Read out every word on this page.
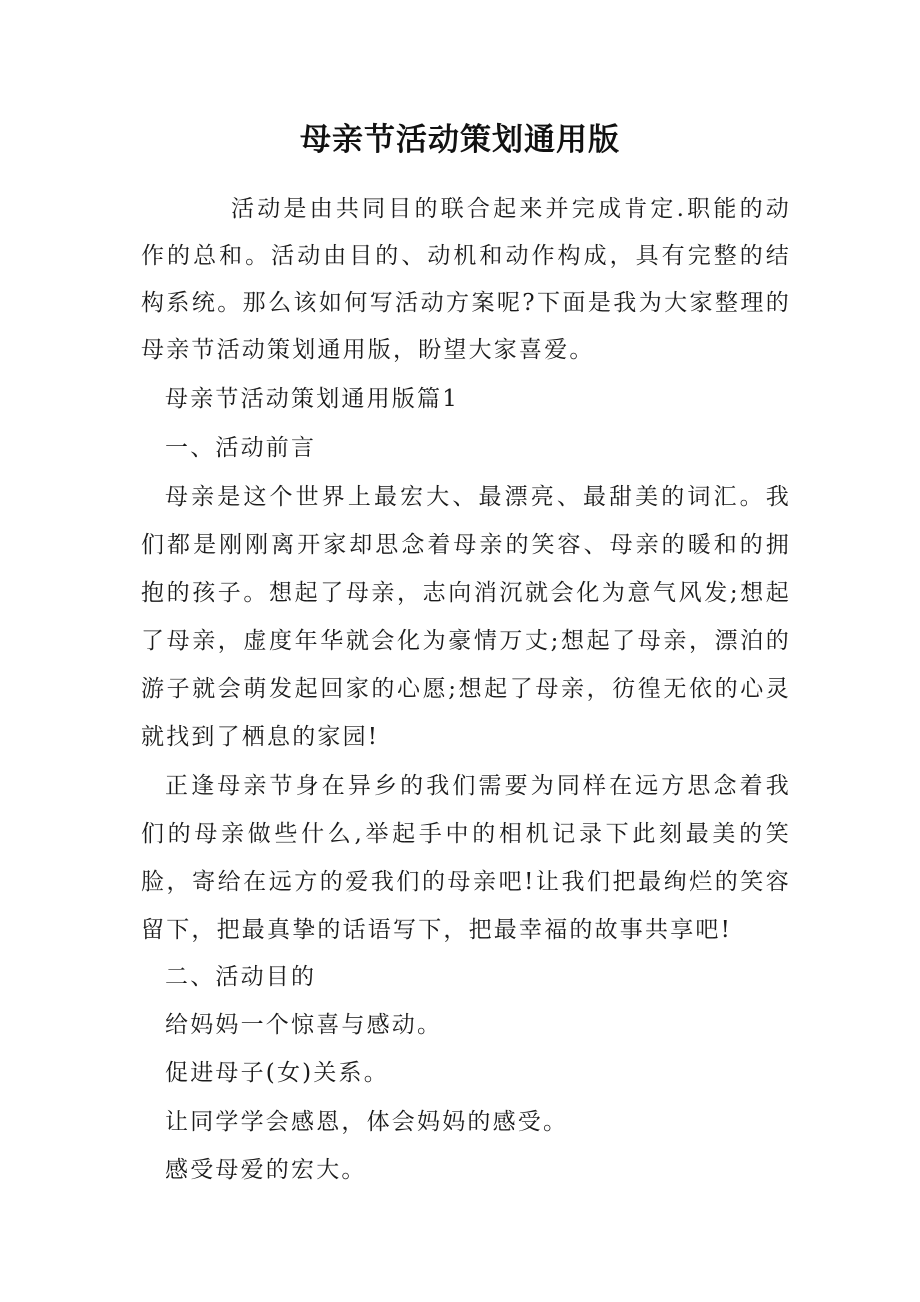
母亲节活动策划通用版

活动是由共同目的联合起来并完成肯定.职能的动作的总和。活动由目的、动机和动作构成，具有完整的结构系统。那么该如何写活动方案呢?下面是我为大家整理的母亲节活动策划通用版，盼望大家喜爱。

母亲节活动策划通用版篇1

一、活动前言

母亲是这个世界上最宏大、最漂亮、最甜美的词汇。我们都是刚刚离开家却思念着母亲的笑容、母亲的暖和的拥抱的孩子。想起了母亲，志向消沉就会化为意气风发;想起了母亲，虚度年华就会化为豪情万丈;想起了母亲，漂泊的游子就会萌发起回家的心愿;想起了母亲，彷徨无依的心灵就找到了栖息的家园!

正逢母亲节身在异乡的我们需要为同样在远方思念着我们的母亲做些什么,举起手中的相机记录下此刻最美的笑脸，寄给在远方的爱我们的母亲吧!让我们把最绚烂的笑容留下，把最真挚的话语写下，把最幸福的故事共享吧!

二、活动目的

给妈妈一个惊喜与感动。

促进母子(女)关系。

让同学学会感恩，体会妈妈的感受。

感受母爱的宏大。
